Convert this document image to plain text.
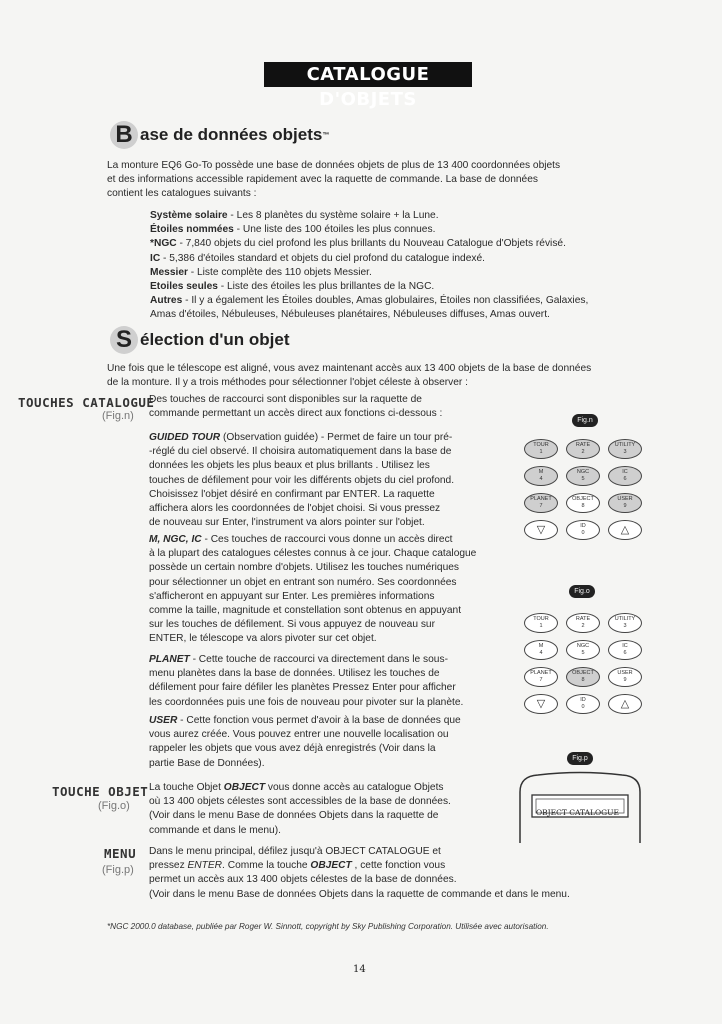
CATALOGUE D'OBJETS
B ase de données objets ™
La monture EQ6 Go-To possède une base de données objets de plus de 13 400 coordonnées objets
et des informations accessible rapidement avec la raquette de commande. La base de données
contient les catalogues suivants :
Système solaire - Les 8 planètes du système solaire + la Lune.
Étoiles nommées - Une liste des 100 étoiles les plus connues.
*NGC - 7,840 objets du ciel profond les plus brillants du Nouveau Catalogue d'Objets révisé.
IC - 5,386 d'étoiles standard et objets du ciel profond du catalogue indexé.
Messier - Liste complète des 110 objets Messier.
Etoiles seules - Liste des étoiles les plus brillantes de la NGC.
Autres - Il y a également les Étoiles doubles, Amas globulaires, Étoiles non classifiées, Galaxies,
Amas d'étoiles, Nébuleuses, Nébuleuses planétaires, Nébuleuses diffuses, Amas ouvert.
S élection d'un objet
Une fois que le télescope est aligné, vous avez maintenant accès aux 13 400 objets de la base de données
de la monture. Il y a trois méthodes pour sélectionner l'objet céleste à observer :
TOUCHES CATALOGUE
(Fig.n)
Des touches de raccourci sont disponibles sur la raquette de
commande permettant un accès direct aux fonctions ci-dessous :
GUIDED TOUR (Observation guidée) - Permet de faire un tour pré-
-réglé du ciel observé. Il choisira automatiquement dans la base de
données les objets les plus beaux et plus brillants . Utilisez les
touches de défilement pour voir les différents objets du ciel profond.
Choisissez l'objet désiré en confirmant par ENTER. La raquette
affichera alors les coordonnées de l'objet choisi. Si vous pressez
de nouveau sur Enter, l'instrument va alors pointer sur l'objet.
M, NGC, IC - Ces touches de raccourci vous donne un accès direct
à la plupart des catalogues célestes connus à ce jour. Chaque catalogue
possède un certain nombre d'objets. Utilisez les touches numériques
pour sélectionner un objet en entrant son numéro. Ses coordonnées
s'afficheront en appuyant sur Enter. Les premières informations
comme la taille, magnitude et constellation sont obtenus en appuyant
sur les touches de défilement. Si vous appuyez de nouveau sur
ENTER, le télescope va alors pivoter sur cet objet.
PLANET - Cette touche de raccourci va directement dans le sous-
menu planètes dans la base de données. Utilisez les touches de
défilement pour faire défiler les planètes Pressez Enter pour afficher
les coordonnées puis une fois de nouveau pour pivoter sur la planète.
USER - Cette fonction vous permet d'avoir à la base de données que
vous aurez créée. Vous pouvez entrer une nouvelle localisation ou
rappeler les objets que vous avez déjà enregistrés (Voir dans la
partie Base de Données).
Fig.n
TOUR
1
RATE
2
UTILITY
3
M
4
NGC
5
IC
6
PLANET
7
OBJECT
8
USER
9
▽	ID
0	△
Fig.o
TOUR
1
RATE
2
UTILITY
3
M
4
NGC
5
IC
6
PLANET
7
OBJECT
8
USER
9
▽	ID
0	△
Fig.p
OBJECT CATALOGUE
TOUCHE OBJET
(Fig.o)
La touche Objet OBJECT vous donne accès au catalogue Objets
où 13 400 objets célestes sont accessibles de la base de données.
(Voir dans le menu Base de données Objets dans la raquette de
commande et dans le menu).
MENU
(Fig.p)
Dans le menu principal, défilez jusqu'à OBJECT CATALOGUE et
pressez ENTER. Comme la touche OBJECT , cette fonction vous
permet un accès aux 13 400 objets célestes de la base de données.
(Voir dans le menu Base de données Objets dans la raquette de commande et dans le menu.
*NGC 2000.0 database, publiée par Roger W. Sinnott, copyright by Sky Publishing Corporation. Utilisée avec autorisation.
14
